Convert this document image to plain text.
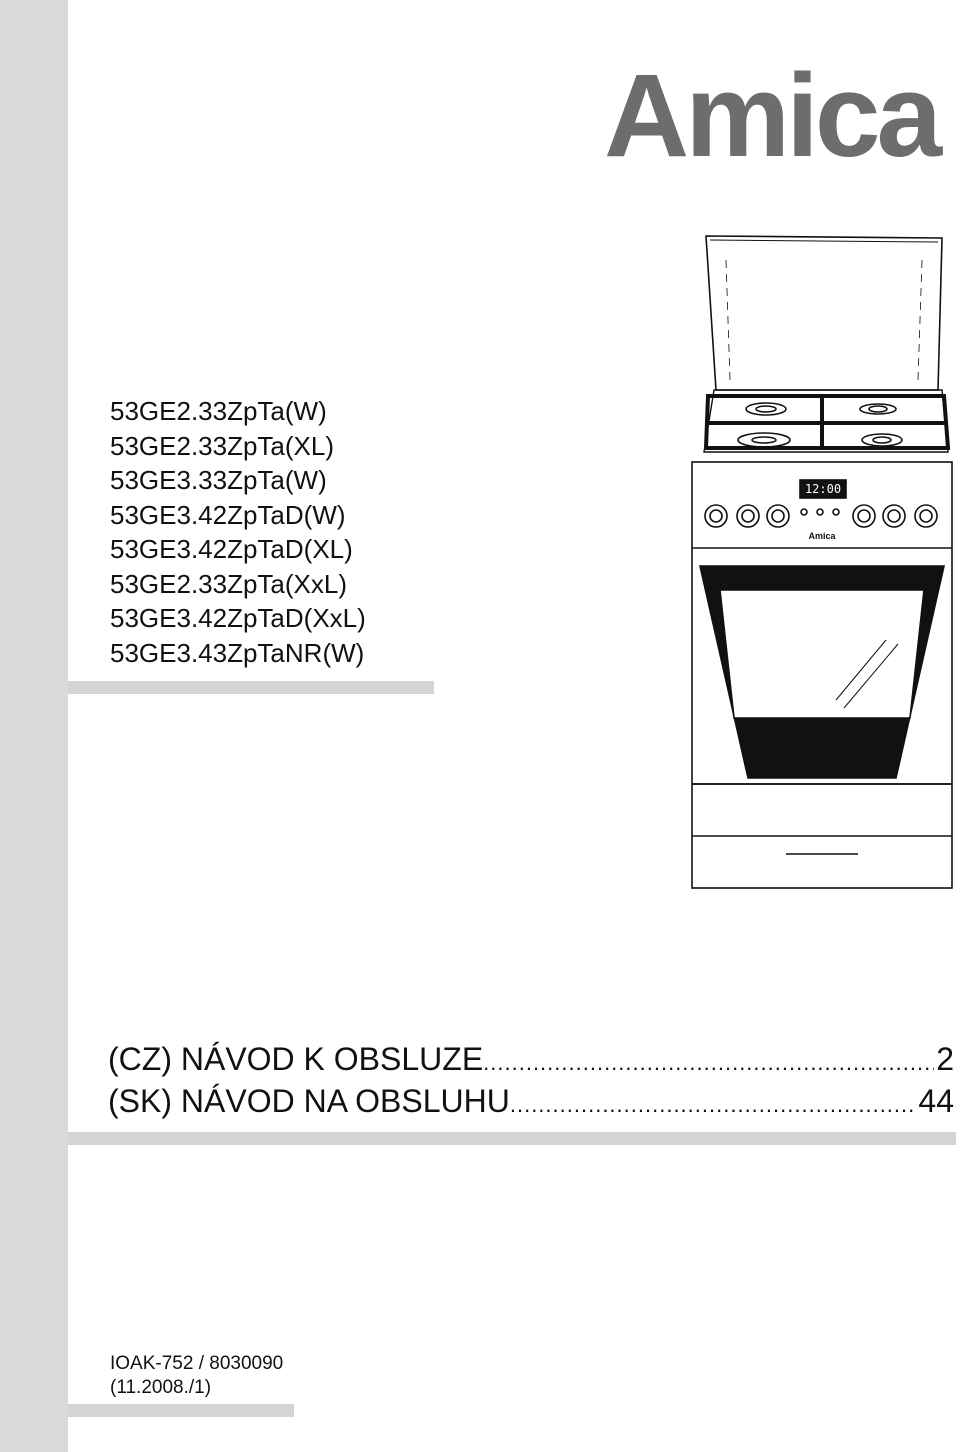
Amica
53GE2.33ZpTa(W)
53GE2.33ZpTa(XL)
53GE3.33ZpTa(W)
53GE3.42ZpTaD(W)
53GE3.42ZpTaD(XL)
53GE2.33ZpTa(XxL)
53GE3.42ZpTaD(XxL)
53GE3.43ZpTaNR(W)
12:00
Amica
(CZ) NÁVOD K OBSLUZE .....	2
(SK) NÁVOD NA OBSLUHU .....	44
IOAK-752 / 8030090
(11.2008./1)
